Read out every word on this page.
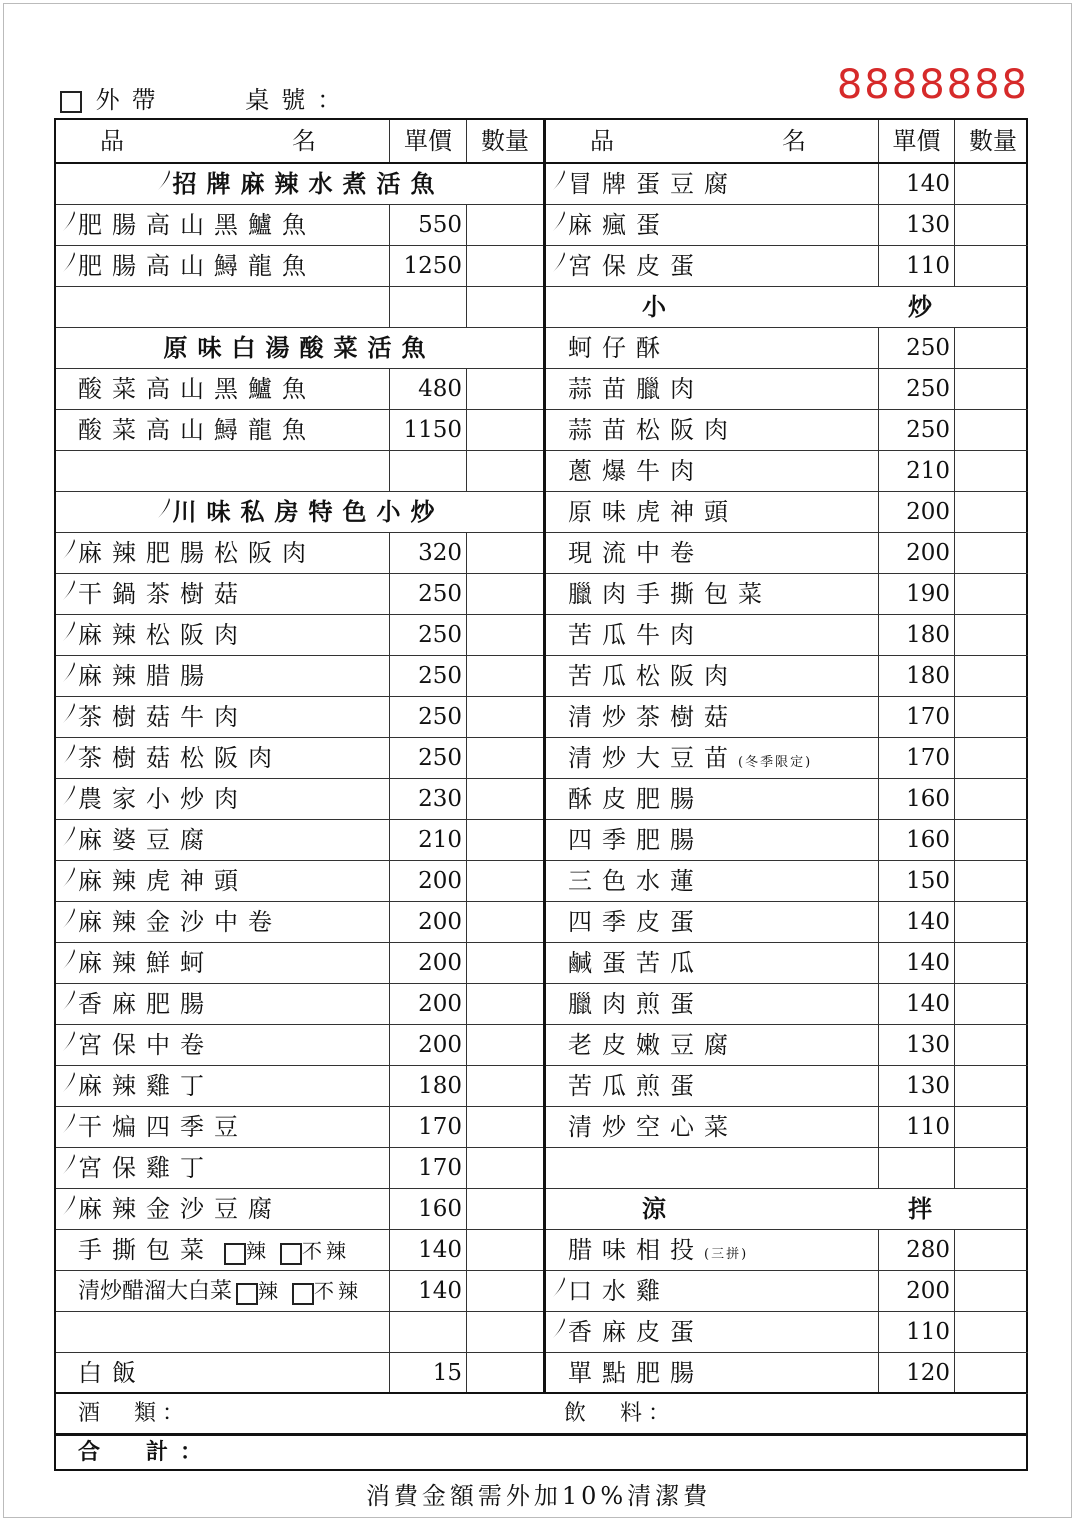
外帶	桌號：	8888888
品　　　　　　　名	單價	數量
招牌麻辣水煮活魚
肥腸高山黑鱸魚	550
肥腸高山鱘龍魚	1250
原味白湯酸菜活魚
酸菜高山黑鱸魚	480
酸菜高山鱘龍魚	1150
川味私房特色小炒
麻辣肥腸松阪肉	320
干鍋茶樹菇	250
麻辣松阪肉	250
麻辣腊腸	250
茶樹菇牛肉	250
茶樹菇松阪肉	250
農家小炒肉	230
麻婆豆腐	210
麻辣虎神頭	200
麻辣金沙中卷	200
麻辣鮮蚵	200
香麻肥腸	200
宮保中卷	200
麻辣雞丁	180
干煸四季豆	170
宮保雞丁	170
麻辣金沙豆腐	160
手撕包菜 辣 不辣	140
清炒醋溜大白菜 辣 不辣	140
白飯	15
品　　　　　　　名	單價	數量
冒牌蛋豆腐	140
麻瘋蛋	130
宮保皮蛋	110
小	炒
蚵仔酥	250
蒜苗臘肉	250
蒜苗松阪肉	250
蔥爆牛肉	210
原味虎神頭	200
現流中卷	200
臘肉手撕包菜	190
苦瓜牛肉	180
苦瓜松阪肉	180
清炒茶樹菇	170
清炒大豆苗(冬季限定)	170
酥皮肥腸	160
四季肥腸	160
三色水蓮	150
四季皮蛋	140
鹹蛋苦瓜	140
臘肉煎蛋	140
老皮嫩豆腐	130
苦瓜煎蛋	130
清炒空心菜	110
涼	拌
腊味相投(三拼)	280
口水雞	200
香麻皮蛋	110
單點肥腸	120
酒　類：	飲　料：
合　計：
消費金額需外加10%清潔費
